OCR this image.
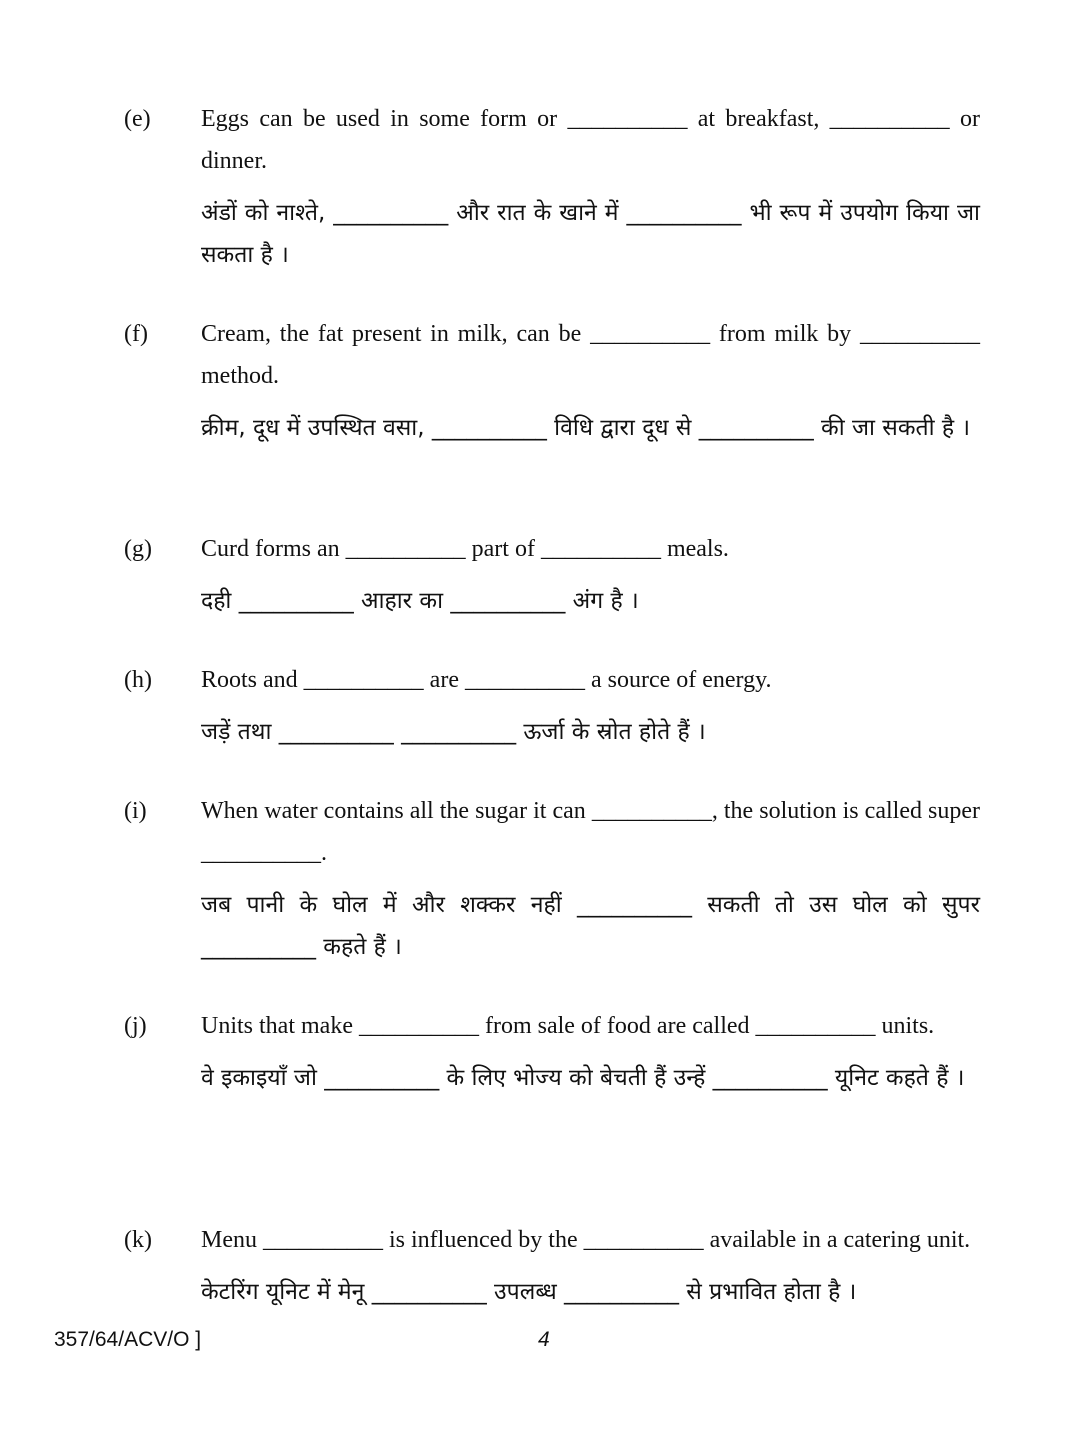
(e) Eggs can be used in some form or __________ at breakfast, __________ or dinner.

अंडों को नाश्ते, __________ और रात के खाने में __________ भी रूप में उपयोग किया जा सकता है ।

(f) Cream, the fat present in milk, can be __________ from milk by __________ method.

क्रीम, दूध में उपस्थित वसा, __________ विधि द्वारा दूध से __________ की जा सकती है ।

(g) Curd forms an __________ part of __________ meals.

दही __________ आहार का __________ अंग है ।

(h) Roots and __________ are __________ a source of energy.

जड़ें तथा __________ __________ ऊर्जा के स्रोत होते हैं ।

(i) When water contains all the sugar it can __________, the solution is called super __________.

जब पानी के घोल में और शक्कर नहीं __________ सकती तो उस घोल को सुपर __________ कहते हैं ।

(j) Units that make __________ from sale of food are called __________ units.

वे इकाइयाँ जो __________ के लिए भोज्य को बेचती हैं उन्हें __________ यूनिट कहते हैं ।

(k) Menu __________ is influenced by the __________ available in a catering unit.

केटरिंग यूनिट में मेनू __________ उपलब्ध __________ से प्रभावित होता है ।

357/64/ACV/O ]	4
